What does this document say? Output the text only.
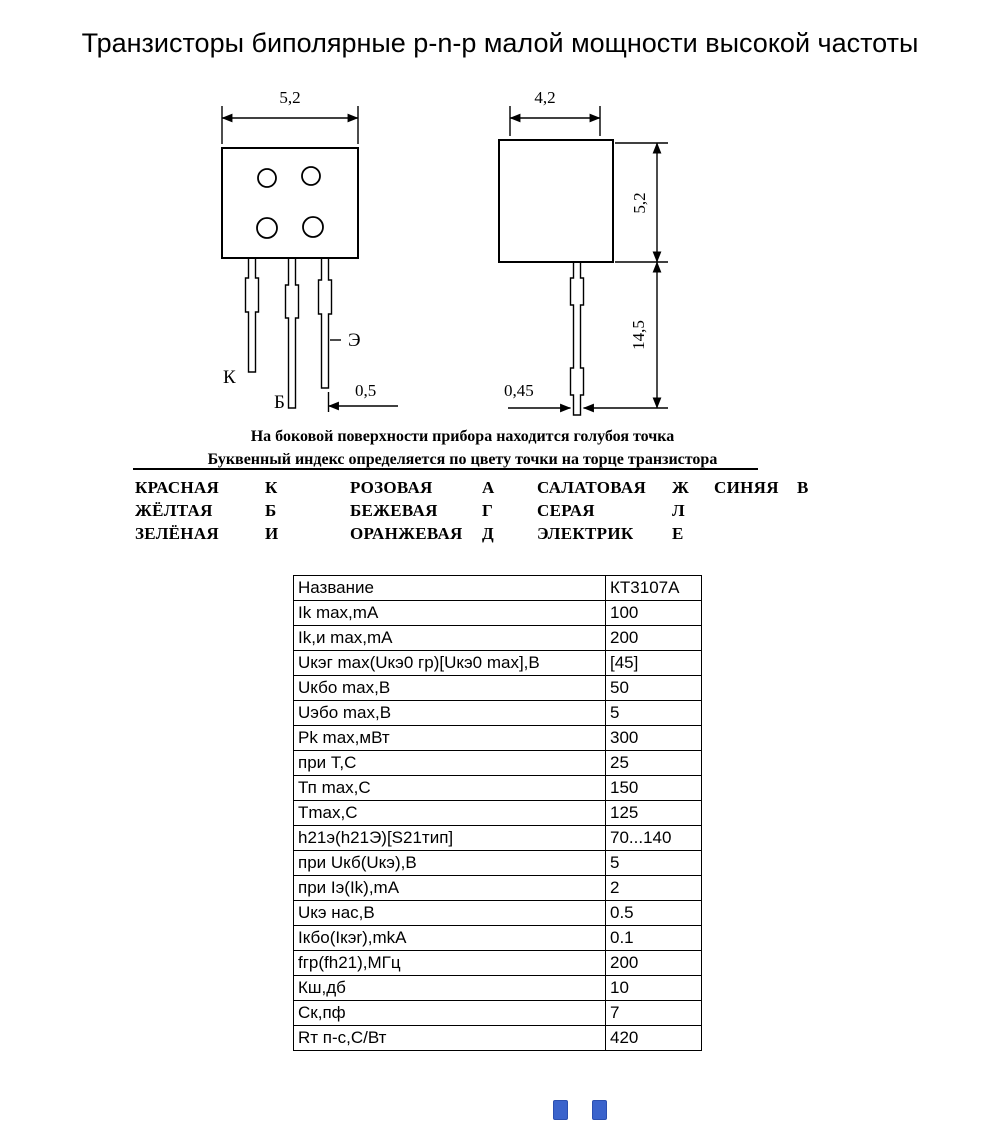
Транзисторы биполярные p-n-p малой мощности высокой частоты
5,2
К
Б
Э
0,5
4,2
5,2
14,5
0,45
На боковой поверхности прибора находится голубоя точка
Буквенный индекс определяется по цвету точки на торце транзистора
КРАСНАЯ	К	РОЗОВАЯ	А	САЛАТОВАЯ	Ж	СИНЯЯ	В
ЖЁЛТАЯ	Б	БЕЖЕВАЯ	Г	СЕРАЯ	Л
ЗЕЛЁНАЯ	И	ОРАНЖЕВАЯ	Д	ЭЛЕКТРИК	Е
Название	КТ3107А
Ik max,mA	100
Ik,и max,mA	200
Uкэг max(Uкэ0 гр)[Uкэ0 max],В	[45]
Uкбо max,В	50
Uэбо max,В	5
Pk max,мВт	300
при Т,С	25
Тп max,С	150
Tmax,С	125
h21э(h21Э)[S21тип]	70...140
при Uкб(Uкэ),В	5
при Iэ(Ik),mA	2
Uкэ нас,В	0.5
Iкбо(Iкэr),mkA	0.1
fгр(fh21),МГц	200
Кш,дб	10
Ск,пф	7
Rт п-с,С/Вт	420
